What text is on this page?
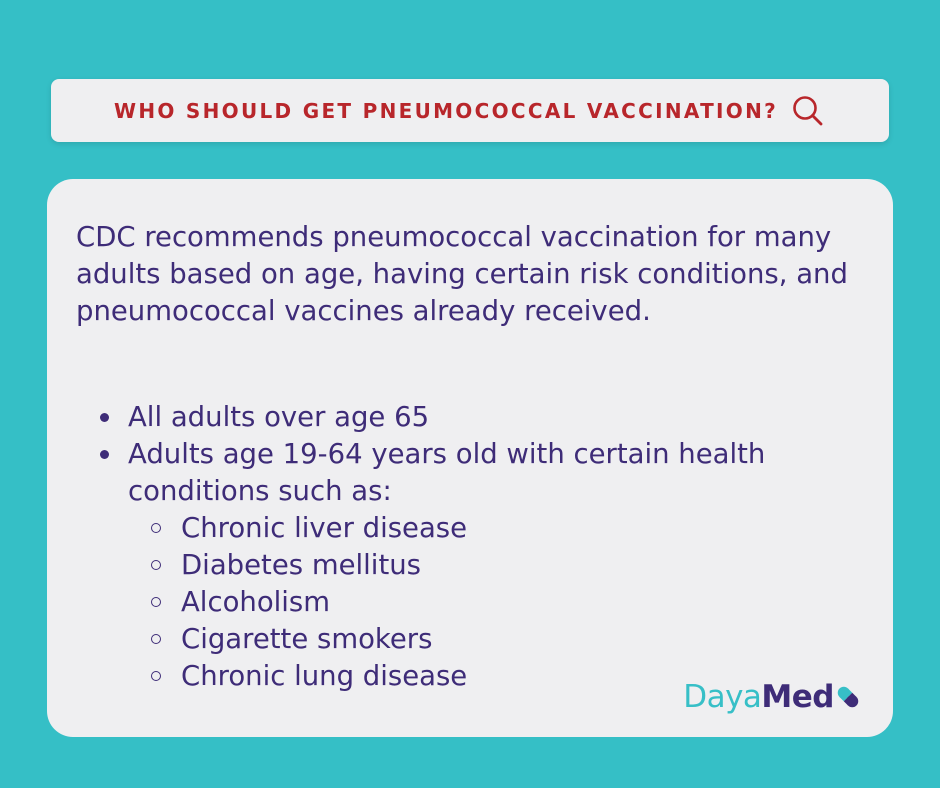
WHO SHOULD GET PNEUMOCOCCAL VACCINATION?

CDC recommends pneumococcal vaccination for many adults based on age, having certain risk conditions, and pneumococcal vaccines already received.

All adults over age 65
Adults age 19-64 years old with certain health conditions such as:
Chronic liver disease
Diabetes mellitus
Alcoholism
Cigarette smokers
Chronic lung disease
Daya Med
